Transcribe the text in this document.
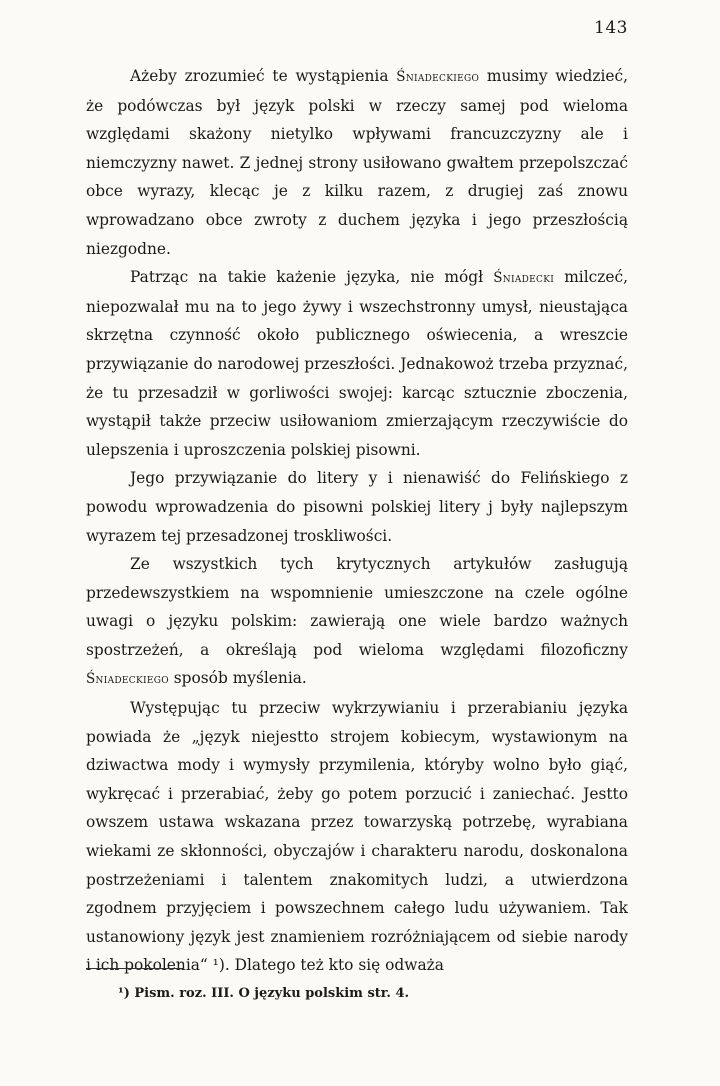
143

Ażeby zrozumieć te wystąpienia Śniadeckiego musimy wiedzieć, że podówczas był język polski w rzeczy samej pod wieloma względami skażony nietylko wpływami francuzczyzny ale i niemczyzny nawet. Z jednej strony usiłowano gwałtem przepolszczać obce wyrazy, klecąc je z kilku razem, z drugiej zaś znowu wprowadzano obce zwroty z duchem języka i jego przeszłością niezgodne.

Patrząc na takie każenie języka, nie mógł Śniadecki milczeć, niepozwalał mu na to jego żywy i wszechstronny umysł, nieustająca skrzętna czynność około publicznego oświecenia, a wreszcie przywiązanie do narodowej przeszłości. Jednakowoż trzeba przyznać, że tu przesadził w gorliwości swojej: karcąc sztucznie zboczenia, wystąpił także przeciw usiłowaniom zmierzającym rzeczywiście do ulepszenia i uproszczenia polskiej pisowni.

Jego przywiązanie do litery y i nienawiść do Felińskiego z powodu wprowadzenia do pisowni polskiej litery j były najlepszym wyrazem tej przesadzonej troskliwości.

Ze wszystkich tych krytycznych artykułów zasługują przedewszystkiem na wspomnienie umieszczone na czele ogólne uwagi o języku polskim: zawierają one wiele bardzo ważnych spostrzeżeń, a określają pod wieloma względami filozoficzny Śniadeckiego sposób myślenia.

Występując tu przeciw wykrzywianiu i przerabianiu języka powiada że „język niejestto strojem kobiecym, wystawionym na dziwactwa mody i wymysły przymilenia, któryby wolno było giąć, wykręcać i przerabiać, żeby go potem porzucić i zaniechać. Jestto owszem ustawa wskazana przez towarzyską potrzebę, wyrabiana wiekami ze skłonności, obyczajów i charakteru narodu, doskonalona postrzeżeniami i talentem znakomitych ludzi, a utwierdzona zgodnem przyjęciem i powszechnem całego ludu używaniem. Tak ustanowiony język jest znamieniem rozróżniającem od siebie narody i ich pokolenia“ ¹). Dlatego też kto się odważa

¹) Pism. roz. III. O języku polskim str. 4.
